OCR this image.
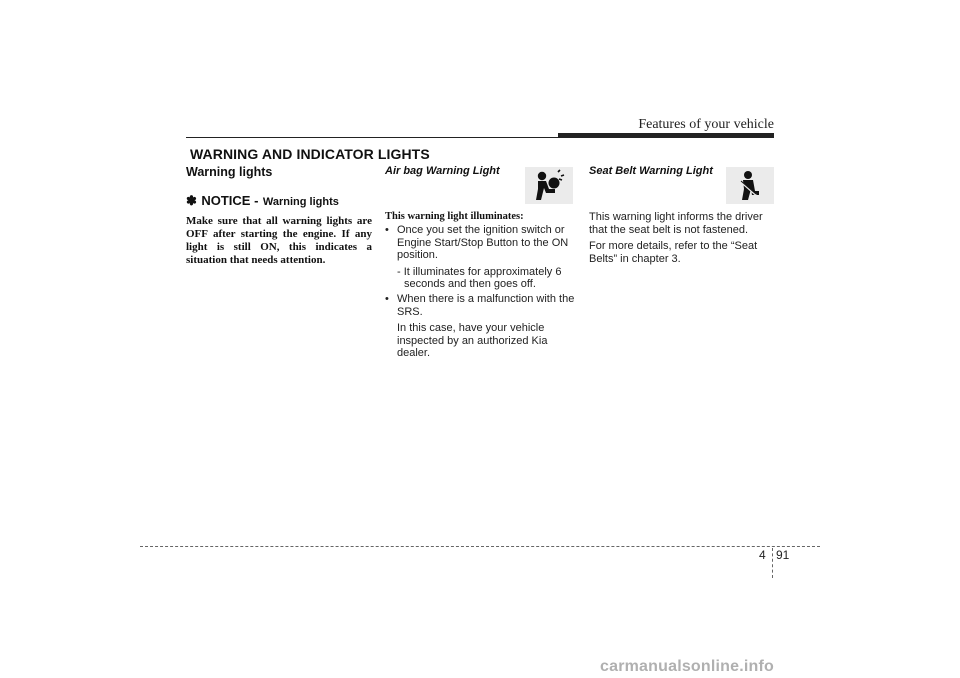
Features of your vehicle
WARNING AND INDICATOR LIGHTS
Warning lights
✽ NOTICE - Warning lights
Make sure that all warning lights are OFF after starting the engine. If any light is still ON, this indicates a situation that needs attention.
Air bag Warning Light
This warning light illuminates:
• Once you set the ignition switch or Engine Start/Stop Button to the ON position.
- It illuminates for approximately 6 seconds and then goes off.
• When there is a malfunction with the SRS.
In this case, have your vehicle inspected by an authorized Kia dealer.
Seat Belt Warning Light
This warning light informs the driver that the seat belt is not fastened.
For more details, refer to the “Seat Belts” in chapter 3.
4 91
carmanualsonline.info
